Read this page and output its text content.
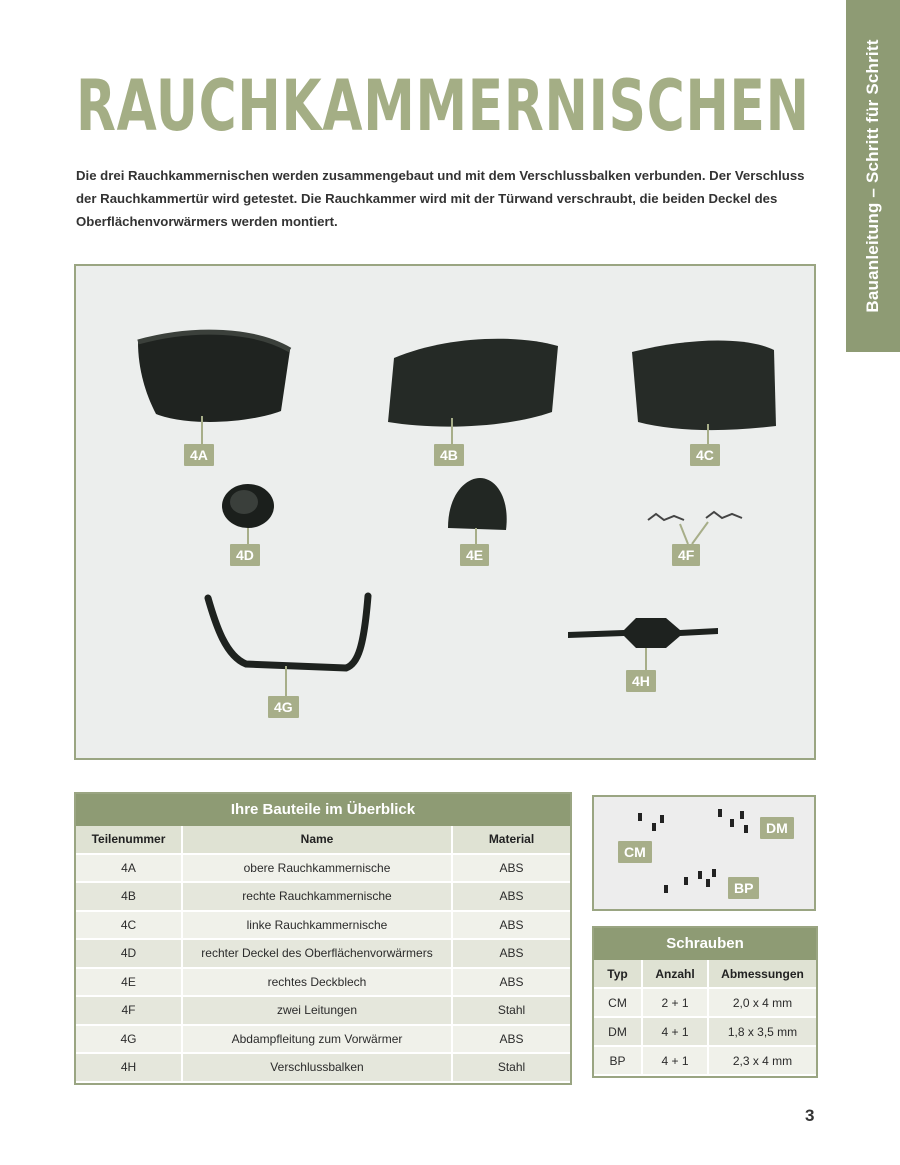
Bauanleitung – Schritt für Schritt
RAUCHKAMMERNISCHEN

Die drei Rauchkammernischen werden zusammengebaut und mit dem Verschlussbalken verbunden. Der Verschluss der Rauchkammertür wird getestet. Die Rauchkammer wird mit der Türwand verschraubt, die beiden Deckel des Oberflächenvorwärmers werden montiert.

4A	4B	4C
4D	4E	4F
4G
4H
Ihre Bauteile im Überblick
Teilenummer	Name	Material
4A	obere Rauchkammernische	ABS
4B	rechte Rauchkammernische	ABS
4C	linke Rauchkammernische	ABS
4D	rechter Deckel des Oberflächenvorwärmers	ABS
4E	rechtes Deckblech	ABS
4F	zwei Leitungen	Stahl
4G	Abdampfleitung zum Vorwärmer	ABS
4H	Verschlussbalken	Stahl
DM
CM
BP
Schrauben
Typ	Anzahl	Abmessungen
CM	2 + 1	2,0 x 4 mm
DM	4 + 1	1,8 x 3,5 mm
BP	4 + 1	2,3 x 4 mm
3
